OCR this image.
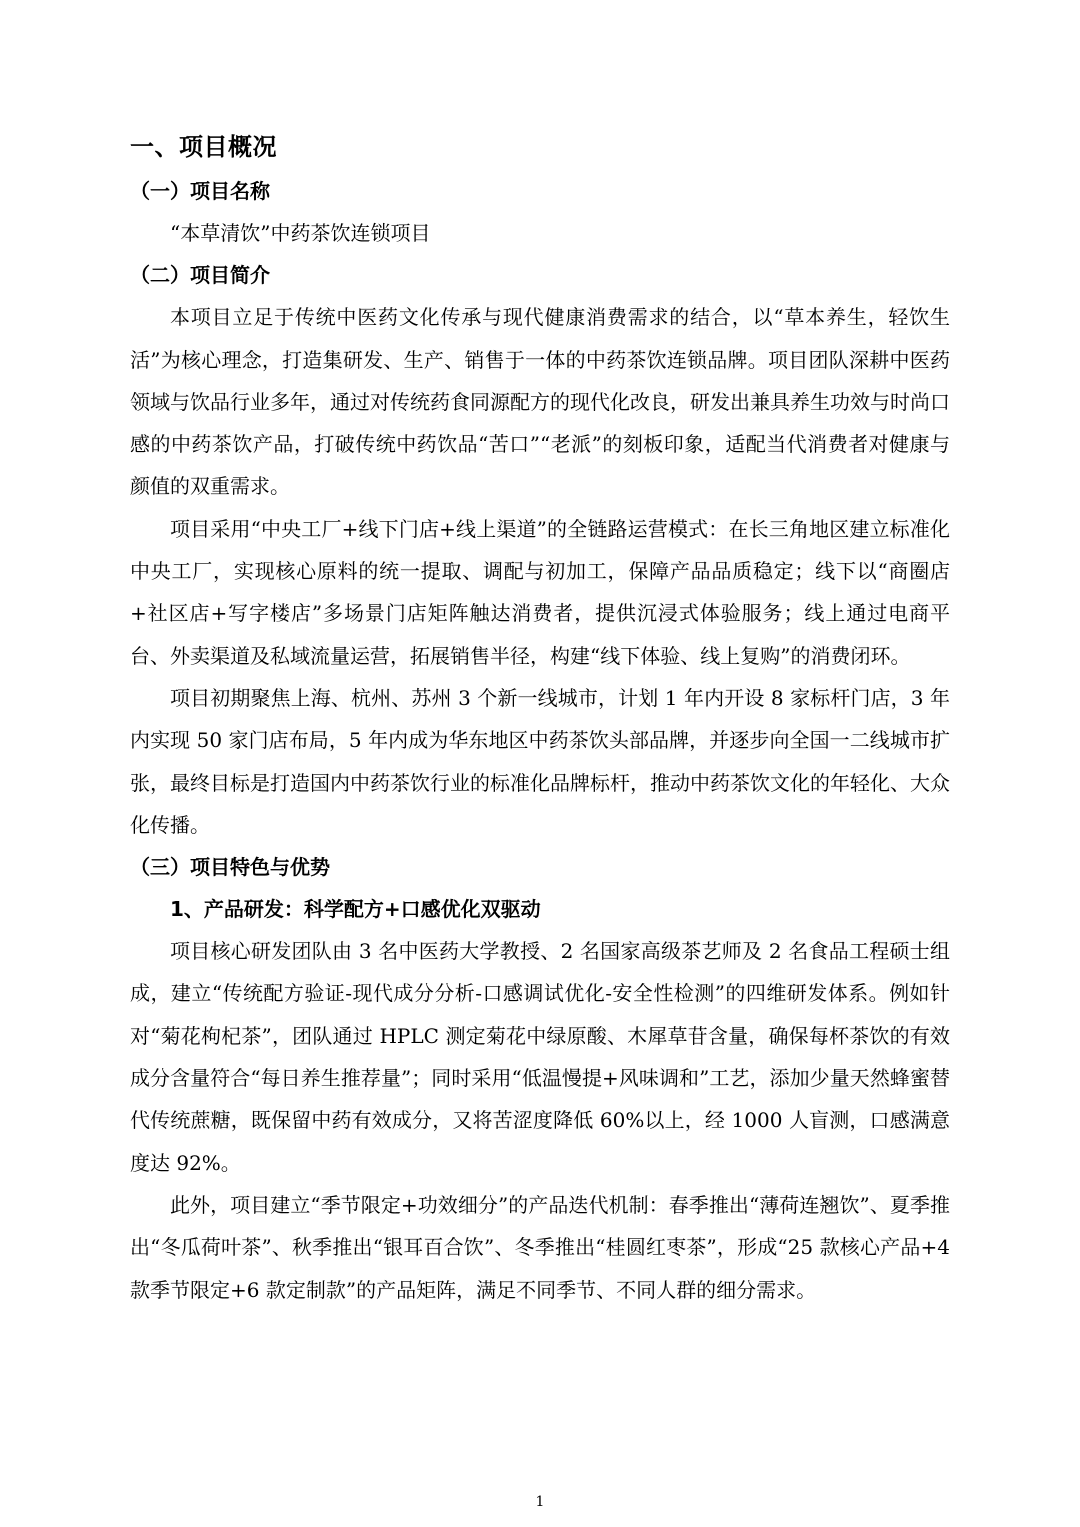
一、项目概况
（一）项目名称

“本草清饮”中药茶饮连锁项目

（二）项目简介

本项目立足于传统中医药文化传承与现代健康消费需求的结合，以“草本养生，轻饮生活”为核心理念，打造集研发、生产、销售于一体的中药茶饮连锁品牌。项目团队深耕中医药领域与饮品行业多年，通过对传统药食同源配方的现代化改良，研发出兼具养生功效与时尚口感的中药茶饮产品，打破传统中药饮品“苦口”“老派”的刻板印象，适配当代消费者对健康与颜值的双重需求。

项目采用“中央工厂+线下门店+线上渠道”的全链路运营模式：在长三角地区建立标准化中央工厂，实现核心原料的统一提取、调配与初加工，保障产品品质稳定；线下以“商圈店+社区店+写字楼店”多场景门店矩阵触达消费者，提供沉浸式体验服务；线上通过电商平台、外卖渠道及私域流量运营，拓展销售半径，构建“线下体验、线上复购”的消费闭环。

项目初期聚焦上海、杭州、苏州 3 个新一线城市，计划 1 年内开设 8 家标杆门店，3 年内实现 50 家门店布局，5 年内成为华东地区中药茶饮头部品牌，并逐步向全国一二线城市扩张，最终目标是打造国内中药茶饮行业的标准化品牌标杆，推动中药茶饮文化的年轻化、大众化传播。

（三）项目特色与优势
1、产品研发：科学配方+口感优化双驱动

项目核心研发团队由 3 名中医药大学教授、2 名国家高级茶艺师及 2 名食品工程硕士组成，建立“传统配方验证-现代成分分析-口感调试优化-安全性检测”的四维研发体系。例如针对“菊花枸杞茶”，团队通过 HPLC 测定菊花中绿原酸、木犀草苷含量，确保每杯茶饮的有效成分含量符合“每日养生推荐量”；同时采用“低温慢提+风味调和”工艺，添加少量天然蜂蜜替代传统蔗糖，既保留中药有效成分，又将苦涩度降低 60%以上，经 1000 人盲测，口感满意度达 92%。

此外，项目建立“季节限定+功效细分”的产品迭代机制：春季推出“薄荷连翘饮”、夏季推出“冬瓜荷叶茶”、秋季推出“银耳百合饮”、冬季推出“桂圆红枣茶”，形成“25 款核心产品+4 款季节限定+6 款定制款”的产品矩阵，满足不同季节、不同人群的细分需求。

1
